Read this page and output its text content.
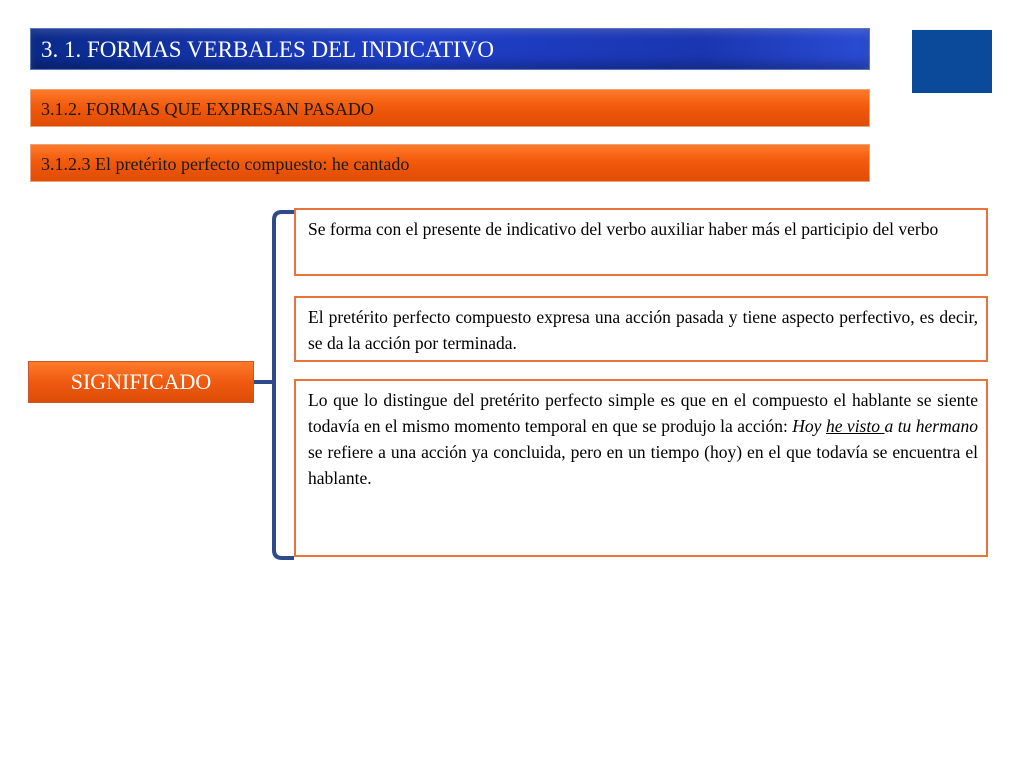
3. 1. FORMAS VERBALES DEL INDICATIVO
3.1.2. FORMAS QUE EXPRESAN PASADO
3.1.2.3 El pretérito perfecto compuesto: he cantado
SIGNIFICADO
Se forma con el presente de indicativo del verbo auxiliar haber más el participio del verbo
El pretérito perfecto compuesto expresa una acción pasada y tiene aspecto perfectivo, es decir, se da la acción por terminada.
Lo que lo distingue del pretérito perfecto simple es que en el compuesto el hablante se siente todavía en el mismo momento temporal en que se produjo la acción: Hoy he visto a tu hermano se refiere a una acción ya concluida, pero en un tiempo (hoy) en el que todavía se encuentra el hablante.
